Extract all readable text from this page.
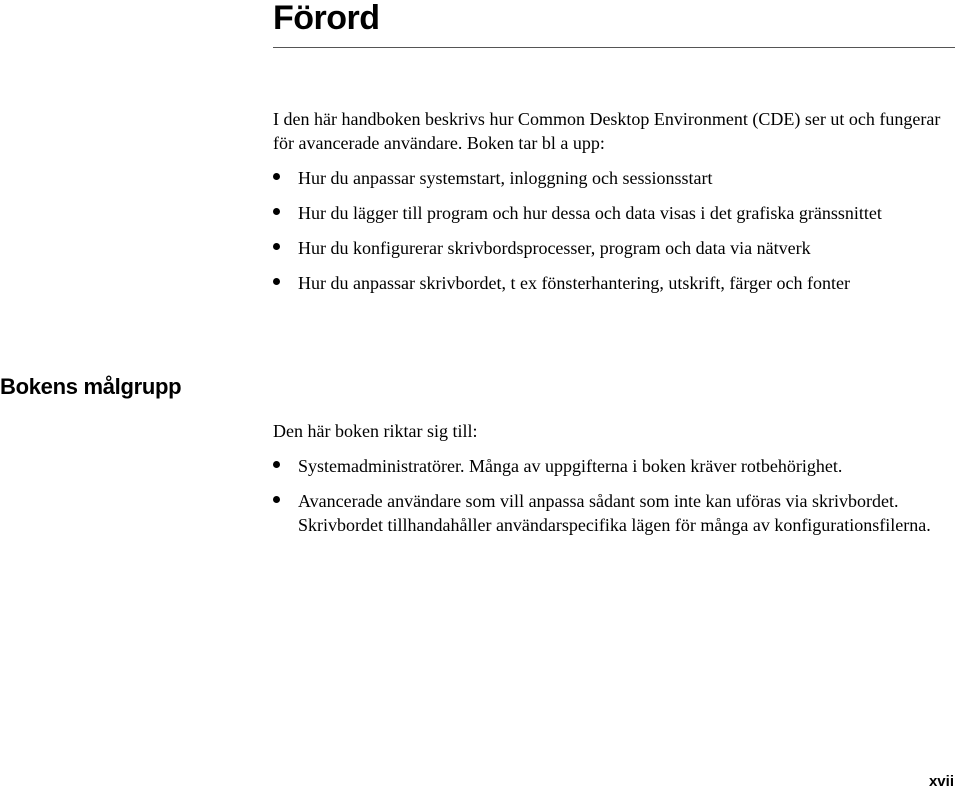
Förord

I den här handboken beskrivs hur Common Desktop Environment (CDE) ser ut och fungerar för avancerade användare. Boken tar bl a upp:

Hur du anpassar systemstart, inloggning och sessionsstart
Hur du lägger till program och hur dessa och data visas i det grafiska gränssnittet
Hur du konfigurerar skrivbordsprocesser, program och data via nätverk
Hur du anpassar skrivbordet, t ex fönsterhantering, utskrift, färger och fonter
Bokens målgrupp

Den här boken riktar sig till:

Systemadministratörer. Många av uppgifterna i boken kräver rotbehörighet.
Avancerade användare som vill anpassa sådant som inte kan uföras via skrivbordet. Skrivbordet tillhandahåller användarspecifika lägen för många av konfigurationsfilerna.
xvii
